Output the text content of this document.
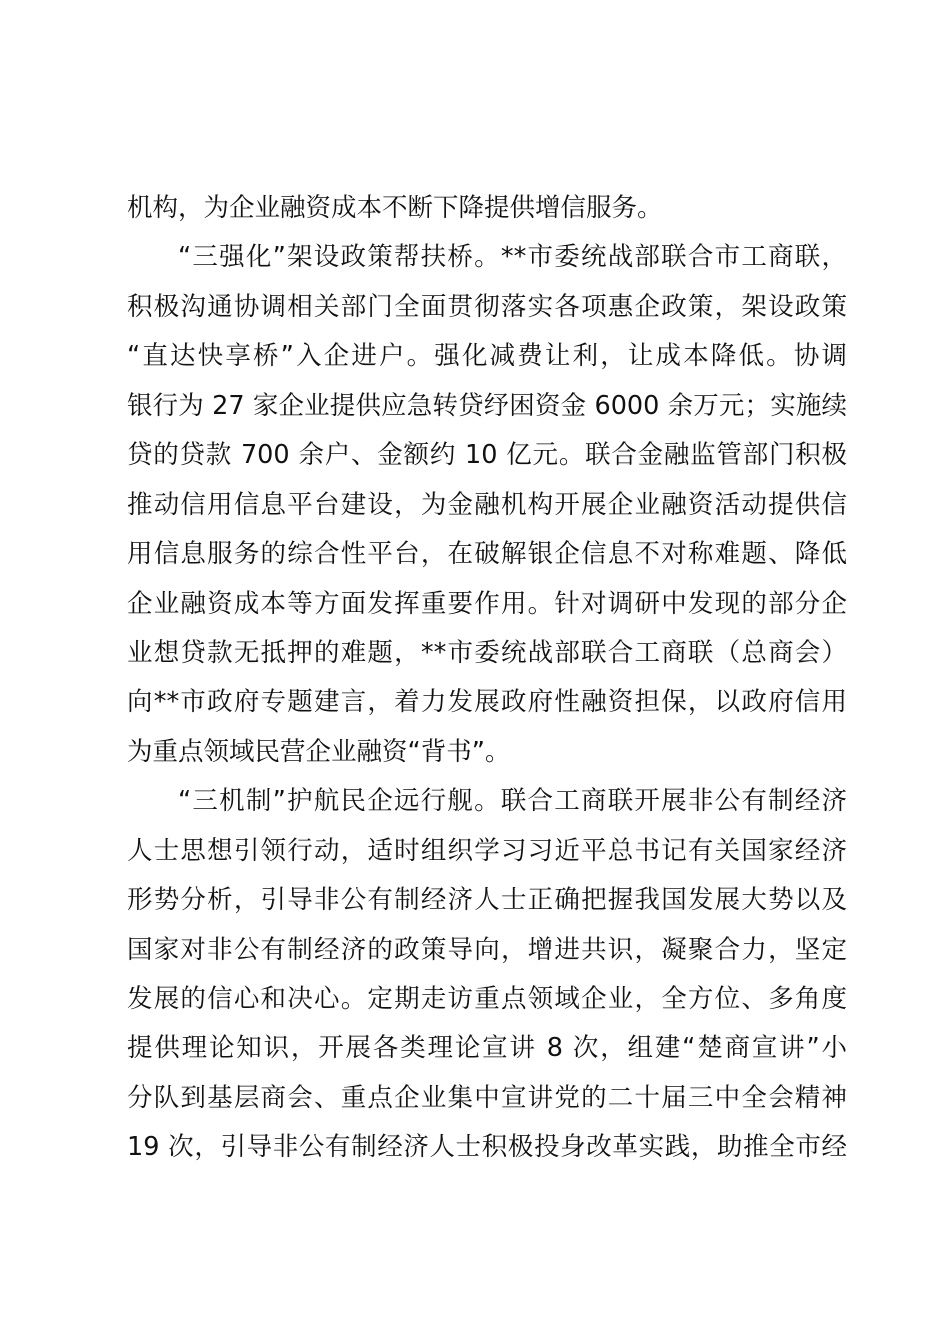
机构，为企业融资成本不断下降提供增信服务。
“三强化”架设政策帮扶桥。**市委统战部联合市工商联，
积极沟通协调相关部门全面贯彻落实各项惠企政策，架设政策
“直达快享桥”入企进户。强化减费让利，让成本降低。协调
银行为 27 家企业提供应急转贷纾困资金 6000 余万元；实施续
贷的贷款 700 余户、金额约 10 亿元。联合金融监管部门积极
推动信用信息平台建设，为金融机构开展企业融资活动提供信
用信息服务的综合性平台，在破解银企信息不对称难题、降低
企业融资成本等方面发挥重要作用。针对调研中发现的部分企
业想贷款无抵押的难题，**市委统战部联合工商联（总商会）
向**市政府专题建言，着力发展政府性融资担保，以政府信用
为重点领域民营企业融资“背书”。
“三机制”护航民企远行舰。联合工商联开展非公有制经济
人士思想引领行动，适时组织学习习近平总书记有关国家经济
形势分析，引导非公有制经济人士正确把握我国发展大势以及
国家对非公有制经济的政策导向，增进共识，凝聚合力，坚定
发展的信心和决心。定期走访重点领域企业，全方位、多角度
提供理论知识，开展各类理论宣讲 8 次，组建“楚商宣讲”小
分队到基层商会、重点企业集中宣讲党的二十届三中全会精神
19 次，引导非公有制经济人士积极投身改革实践，助推全市经
